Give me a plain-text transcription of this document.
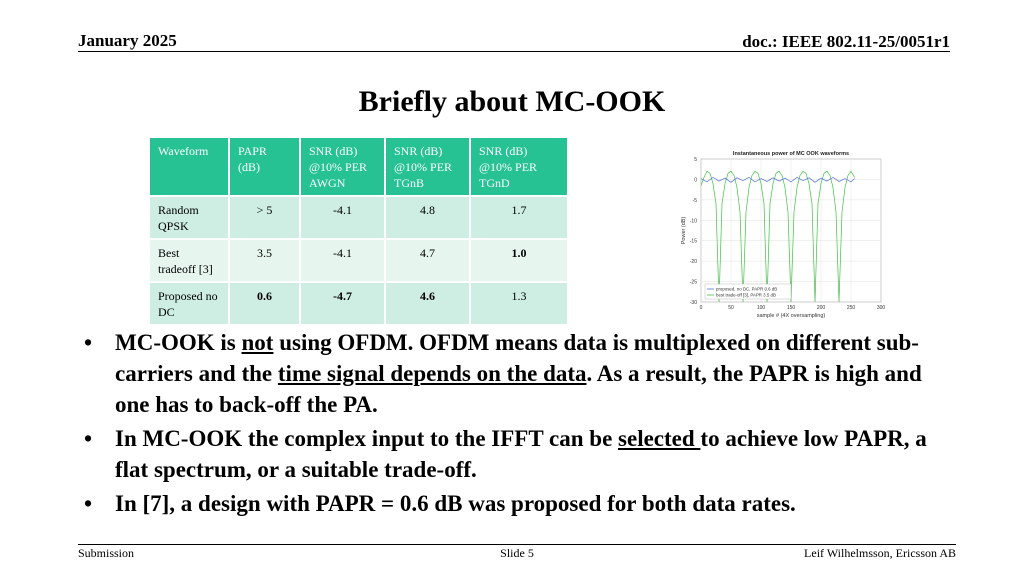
January 2025	doc.: IEEE 802.11-25/0051r1
Briefly about MC-OOK
Waveform	PAPR (dB)	SNR (dB) @10% PER AWGN	SNR (dB) @10% PER TGnB	SNR (dB) @10% PER TGnD
Random QPSK	> 5	-4.1	4.8	1.7
Best tradeoff [3]	3.5	-4.1	4.7	1.0
Proposed no DC	0.6	-4.7	4.6	1.3
5
0
-5
-10
-15
-20
-25
-30
0	50	100	150	200	250	300
Instantaneous power of MC OOK waveforms
sample # (4X oversampling)
Power (dB)
proposed, no DC, PAPR 0.6 dB
best trade-off [3], PAPR 3.5 dB
• MC-OOK is not using OFDM. OFDM means data is multiplexed on different sub-carriers and the time signal depends on the data. As a result, the PAPR is high and one has to back-off the PA.
• In MC-OOK the complex input to the IFFT can be selected to achieve low PAPR, a flat spectrum, or a suitable trade-off.
• In [7], a design with PAPR = 0.6 dB was proposed for both data rates.
Submission	Slide 5	Leif Wilhelmsson, Ericsson AB
